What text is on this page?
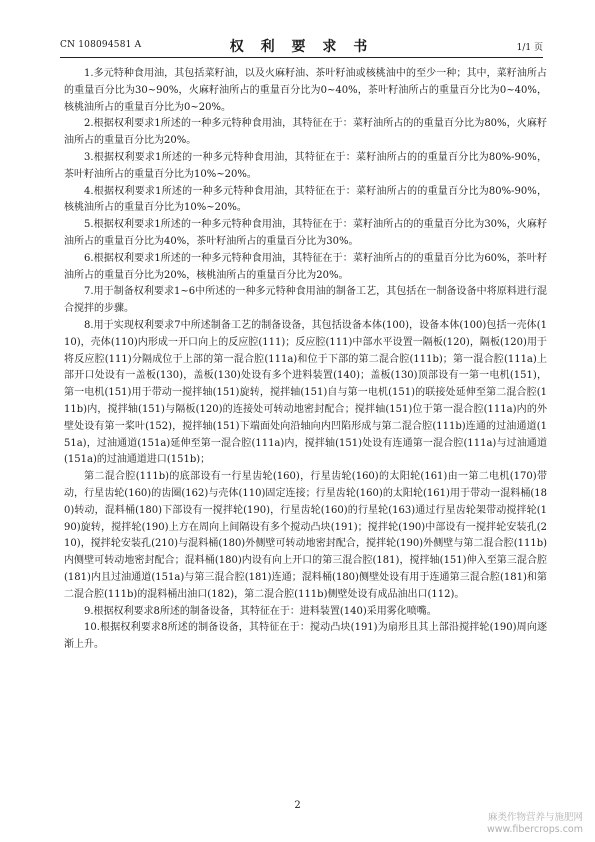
CN 108094581 A	权 利 要 求 书	1/1 页

1.多元特种食用油，其包括菜籽油，以及火麻籽油、茶叶籽油或核桃油中的至少一种；其中，菜籽油所占的重量百分比为30~90%，火麻籽油所占的重量百分比为0~40%，茶叶籽油所占的重量百分比为0~40%，核桃油所占的重量百分比为0~20%。

2.根据权利要求1所述的一种多元特种食用油，其特征在于：菜籽油所占的的重量百分比为80%，火麻籽油所占的重量百分比为20%。

3.根据权利要求1所述的一种多元特种食用油，其特征在于：菜籽油所占的的重量百分比为80%-90%，茶叶籽油所占的重量百分比为10%~20%。

4.根据权利要求1所述的一种多元特种食用油，其特征在于：菜籽油所占的的重量百分比为80%-90%，核桃油所占的重量百分比为10%~20%。

5.根据权利要求1所述的一种多元特种食用油，其特征在于：菜籽油所占的的重量百分比为30%，火麻籽油所占的重量百分比为40%，茶叶籽油所占的重量百分比为30%。

6.根据权利要求1所述的一种多元特种食用油，其特征在于：菜籽油所占的的重量百分比为60%，茶叶籽油所占的重量百分比为20%，核桃油所占的重量百分比为20%。

7.用于制备权利要求1~6中所述的一种多元特种食用油的制备工艺，其包括在一制备设备中将原料进行混合搅拌的步骤。

8.用于实现权利要求7中所述制备工艺的制备设备，其包括设备本体(100)，设备本体(100)包括一壳体(110)，壳体(110)内形成一开口向上的反应腔(111)；反应腔(111)中部水平设置一隔板(120)，隔板(120)用于将反应腔(111)分隔成位于上部的第一混合腔(111a)和位于下部的第二混合腔(111b)；第一混合腔(111a)上部开口处设有一盖板(130)，盖板(130)处设有多个进料装置(140)；盖板(130)顶部设有一第一电机(151)，第一电机(151)用于带动一搅拌轴(151)旋转，搅拌轴(151)自与第一电机(151)的联接处延伸至第二混合腔(111b)内，搅拌轴(151)与隔板(120)的连接处可转动地密封配合；搅拌轴(151)位于第一混合腔(111a)内的外壁处设有第一桨叶(152)，搅拌轴(151)下端面处向沿轴向内凹陷形成与第二混合腔(111b)连通的过油通道(151a)，过油通道(151a)延伸至第一混合腔(111a)内，搅拌轴(151)处设有连通第一混合腔(111a)与过油通道(151a)的过油通道进口(151b)；

第二混合腔(111b)的底部设有一行星齿轮(160)，行星齿轮(160)的太阳轮(161)由一第二电机(170)带动，行星齿轮(160)的齿圈(162)与壳体(110)固定连接；行星齿轮(160)的太阳轮(161)用于带动一混料桶(180)转动，混料桶(180)下部设有一搅拌轮(190)，行星齿轮(160)的行星轮(163)通过行星齿轮架带动搅拌轮(190)旋转，搅拌轮(190)上方在周向上间隔设有多个搅动凸块(191)；搅拌轮(190)中部设有一搅拌轮安装孔(210)，搅拌轮安装孔(210)与混料桶(180)外侧壁可转动地密封配合，搅拌轮(190)外侧壁与第二混合腔(111b)内侧壁可转动地密封配合；混料桶(180)内设有向上开口的第三混合腔(181)，搅拌轴(151)伸入至第三混合腔(181)内且过油通道(151a)与第三混合腔(181)连通；混料桶(180)侧壁处设有用于连通第三混合腔(181)和第二混合腔(111b)的混料桶出油口(182)，第二混合腔(111b)侧壁处设有成品油出口(112)。

9.根据权利要求8所述的制备设备，其特征在于：进料装置(140)采用雾化喷嘴。

10.根据权利要求8所述的制备设备，其特征在于：搅动凸块(191)为扇形且其上部沿搅拌轮(190)周向逐渐上升。

2
麻类作物营养与施肥网
www.fibercrops.com
